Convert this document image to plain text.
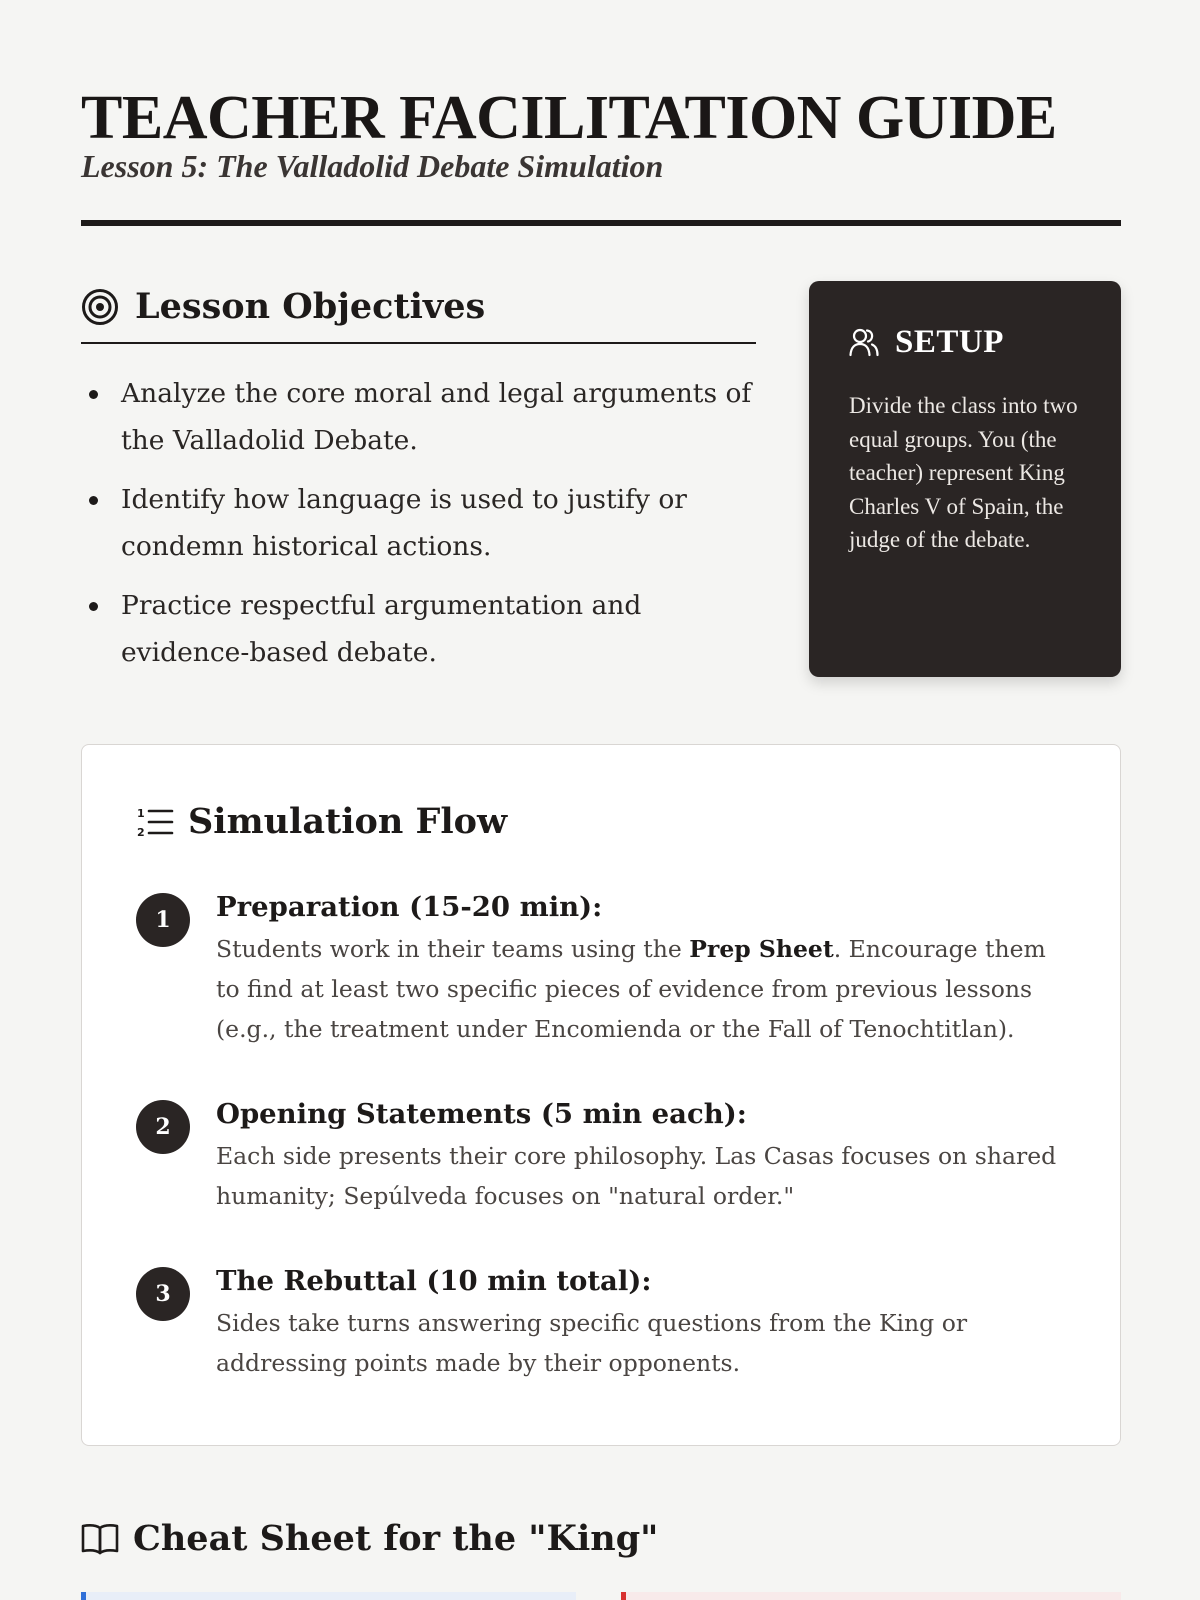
TEACHER FACILITATION GUIDE
Lesson 5: The Valladolid Debate Simulation
Lesson Objectives
Analyze the core moral and legal arguments of the Valladolid Debate.
Identify how language is used to justify or condemn historical actions.
Practice respectful argumentation and evidence-based debate.
SETUP

Divide the class into two equal groups. You (the teacher) represent King Charles V of Spain, the judge of the debate.

1
2 Simulation Flow
1	Preparation (15-20 min):
Students work in their teams using the Prep Sheet. Encourage them to find at least two specific pieces of evidence from previous lessons (e.g., the treatment under Encomienda or the Fall of Tenochtitlan).
2	Opening Statements (5 min each):
Each side presents their core philosophy. Las Casas focuses on shared humanity; Sepúlveda focuses on "natural order."
3	The Rebuttal (10 min total):
Sides take turns answering specific questions from the King or addressing points made by their opponents.
Cheat Sheet for the "King"
